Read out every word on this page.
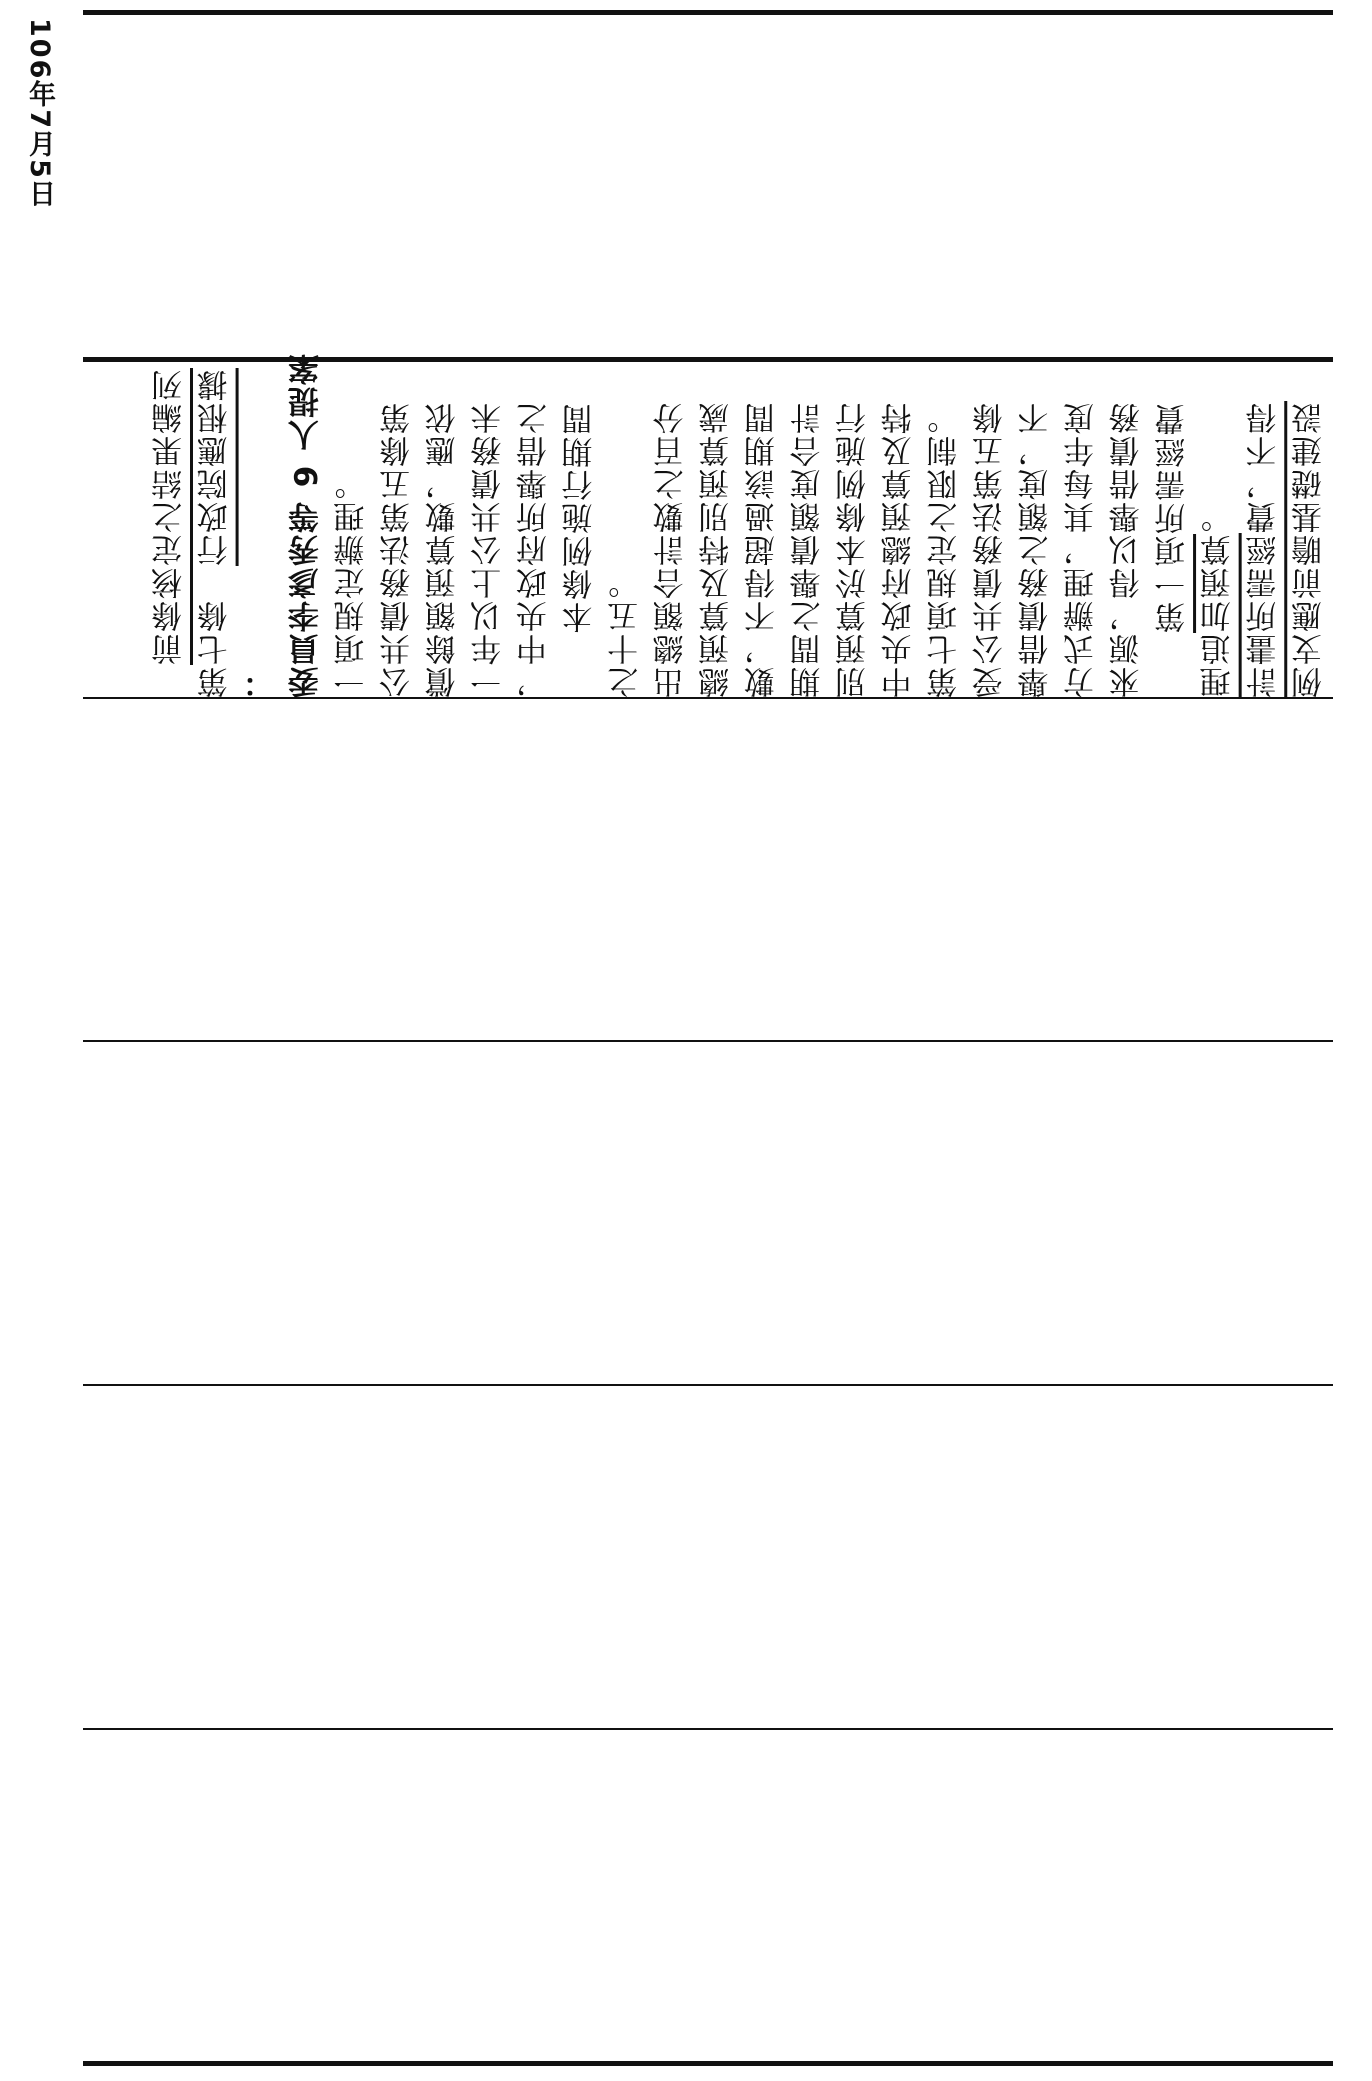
106年7月5日
例支應前瞻基礎建設
計畫所需經費，不得
理追加預算。
第一項所需經費
來源，得以舉借債務
方式辦理，其每年度
舉借債務之額度，不
受公共債務法第五條
第七項規定之限制。
中央政府總預算及特
別預算於本條例施行
期間之舉債額度合計
數，不得超過該期間
總預算及特別預算歲
出總額合計數之百分
之十五。
本條例施行期間
，中央政府所舉借之
一年以上公共債務未
償餘額預算數，應依
公共債務法第五條第
一項規定辦理。
委員李彥秀等 9 人提案
：
第七條　行政院應根據
前條核定之結果編列
